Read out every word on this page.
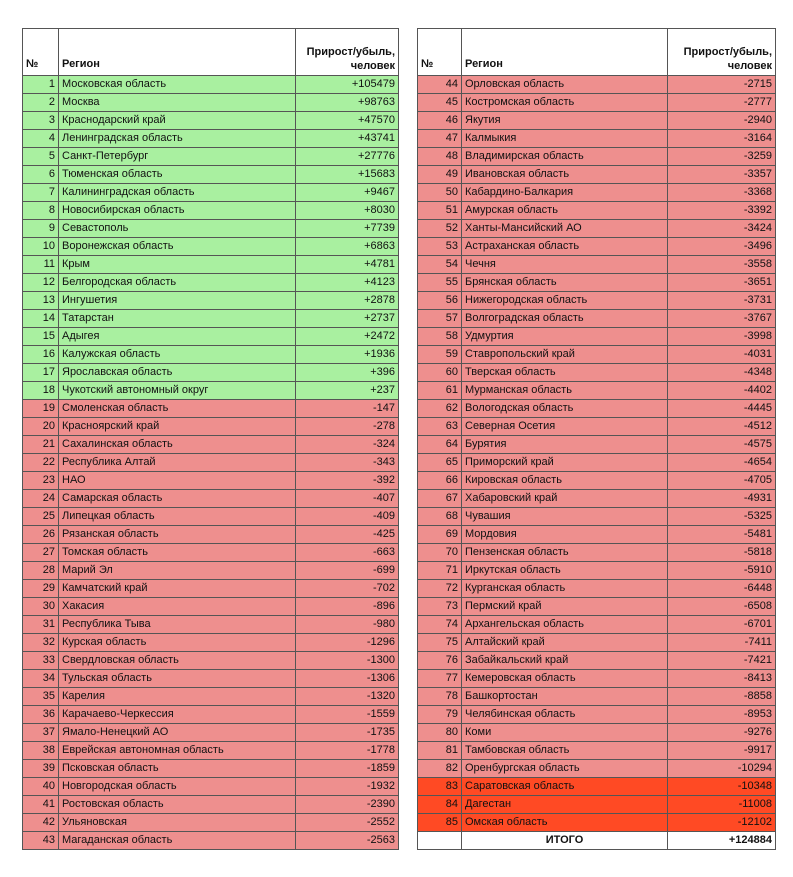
№	Регион	Прирост/убыль,
человек
1	Московская область	+105479
2	Москва	+98763
3	Краснодарский край	+47570
4	Ленинградская область	+43741
5	Санкт-Петербург	+27776
6	Тюменская область	+15683
7	Калининградская область	+9467
8	Новосибирская область	+8030
9	Севастополь	+7739
10	Воронежская область	+6863
11	Крым	+4781
12	Белгородская область	+4123
13	Ингушетия	+2878
14	Татарстан	+2737
15	Адыгея	+2472
16	Калужская область	+1936
17	Ярославская область	+396
18	Чукотский автономный округ	+237
19	Смоленская область	-147
20	Красноярский край	-278
21	Сахалинская область	-324
22	Республика Алтай	-343
23	НАО	-392
24	Самарская область	-407
25	Липецкая область	-409
26	Рязанская область	-425
27	Томская область	-663
28	Марий Эл	-699
29	Камчатский край	-702
30	Хакасия	-896
31	Республика Тыва	-980
32	Курская область	-1296
33	Свердловская область	-1300
34	Тульская область	-1306
35	Карелия	-1320
36	Карачаево-Черкессия	-1559
37	Ямало-Ненецкий АО	-1735
38	Еврейская автономная область	-1778
39	Псковская область	-1859
40	Новгородская область	-1932
41	Ростовская область	-2390
42	Ульяновская	-2552
43	Магаданская область	-2563
№	Регион	Прирост/убыль,
человек
44	Орловская область	-2715
45	Костромская область	-2777
46	Якутия	-2940
47	Калмыкия	-3164
48	Владимирская область	-3259
49	Ивановская область	-3357
50	Кабардино-Балкария	-3368
51	Амурская область	-3392
52	Ханты-Мансийский АО	-3424
53	Астраханская область	-3496
54	Чечня	-3558
55	Брянская область	-3651
56	Нижегородская область	-3731
57	Волгоградская область	-3767
58	Удмуртия	-3998
59	Ставропольский край	-4031
60	Тверская область	-4348
61	Мурманская область	-4402
62	Вологодская область	-4445
63	Северная Осетия	-4512
64	Бурятия	-4575
65	Приморский край	-4654
66	Кировская область	-4705
67	Хабаровский край	-4931
68	Чувашия	-5325
69	Мордовия	-5481
70	Пензенская область	-5818
71	Иркутская область	-5910
72	Курганская область	-6448
73	Пермский край	-6508
74	Архангельская область	-6701
75	Алтайский край	-7411
76	Забайкальский край	-7421
77	Кемеровская область	-8413
78	Башкортостан	-8858
79	Челябинская область	-8953
80	Коми	-9276
81	Тамбовская область	-9917
82	Оренбургская область	-10294
83	Саратовская область	-10348
84	Дагестан	-11008
85	Омская область	-12102
	ИТОГО	+124884
